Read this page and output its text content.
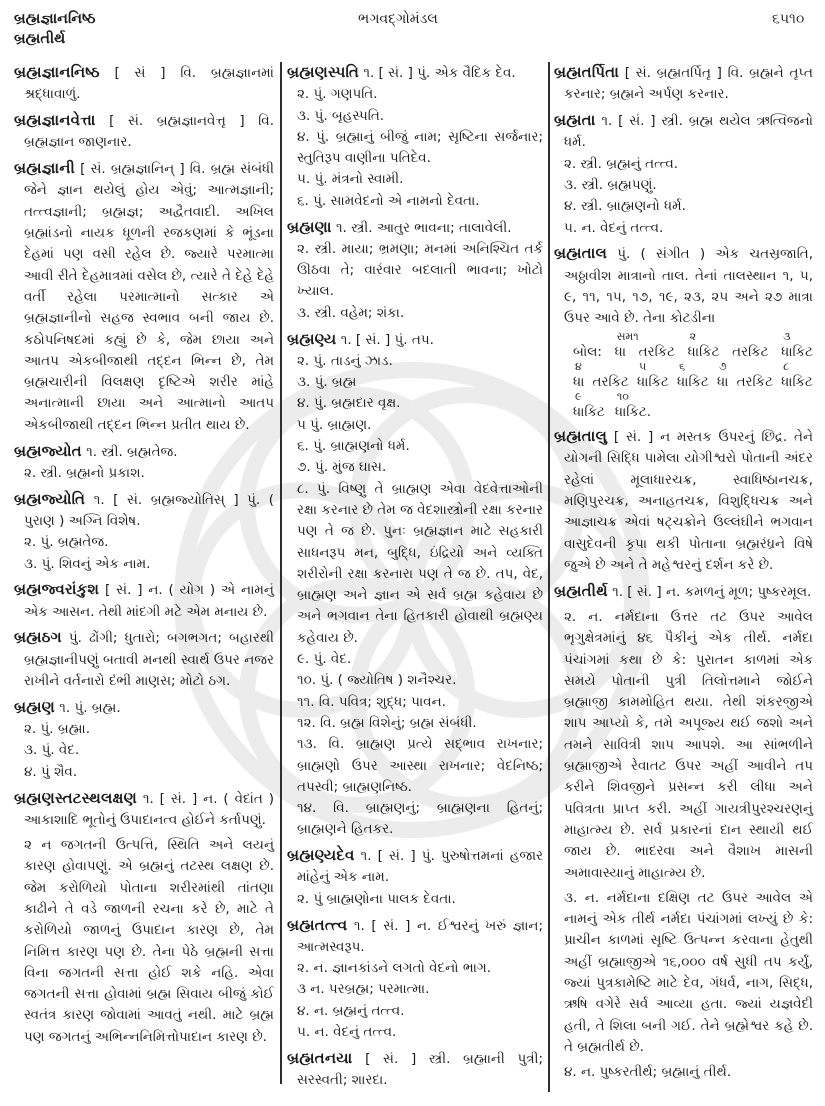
બ્રહ્મજ્ઞાનનિષ્ઠ
બ્રહ્મતીર્થ
ભગવદ્ગોમંડલ	૬૫૧૦

બ્રહ્મજ્ઞાનનિષ્ઠ [ સં ] વિ. બ્રહ્મજ્ઞાનમાં શ્રદ્ધાવાળું.

બ્રહ્મજ્ઞાનવેત્તા [ સં. બ્રહ્મજ્ઞાનવેત્તૃ ] વિ. બ્રહ્મજ્ઞાન જાણનાર.

બ્રહ્મજ્ઞાની [ સં. બ્રહ્મજ્ઞાનિન્ ] વિ. બ્રહ્મ સંબંધી જેને જ્ઞાન થયેલું હોય એવું; આત્મજ્ઞાની; તત્ત્વજ્ઞાની; બ્રહ્મજ્ઞ; અદ્વૈતવાદી. અખિલ બ્રહ્માંડનો નાયક ધૂળની રજકણમાં કે ભૂંડના દેહમાં પણ વસી રહેલ છે. જ્યારે પરમાત્મા આવી રીતે દેહમાત્રમાં વસેલ છે, ત્યારે તે દેહે દેહે વર્તી રહેલા પરમાત્માનો સત્કાર એ બ્રહ્મજ્ઞાનીનો સહજ સ્વભાવ બની જાય છે. કઠોપનિષદમાં કહ્યું છે કે, જેમ છાયા અને આતપ એકબીજાથી તદ્દન ભિન્ન છે, તેમ બ્રહ્મચારીની વિલક્ષણ દૃષ્ટિએ શરીર માંહે અનાત્માની છાયા અને આત્માનો આતપ એકબીજાથી તદ્દન ભિન્ન પ્રતીત થાય છે.

બ્રહ્મજ્યોત ૧. સ્ત્રી. બ્રહ્મતેજ.

૨. સ્ત્રી. બ્રહ્મનો પ્રકાશ.

બ્રહ્મજ્યોતિ ૧. [ સં. બ્રહ્મજ્યોતિસ્ ] પું. ( પુરાણ ) અગ્નિ વિશેષ.

૨. પું. બ્રહ્મતેજ.

૩. પું. શિવનું એક નામ.

બ્રહ્મજ્વરાંકુશ [ સં. ] ન. ( યોગ ) એ નામનું એક આસન. તેથી માંદગી મટે એમ મનાય છે.

બ્રહ્મઠગ પું. ઢોંગી; ધુતારો; બગભગત; બહારથી બ્રહ્મજ્ઞાનીપણું બતાવી મનથી સ્વાર્થ ઉપર નજર રાખીને વર્તનારો દંભી માણસ; મોટો ઠગ.

બ્રહ્મણ ૧. પું. બ્રહ્મ.

૨. પું. બ્રહ્મા.

૩. પું. વેદ.

૪. પું શૈવ.

બ્રહ્મણસ્તટસ્થલક્ષણ ૧. [ સં. ] ન. ( વેદાંત ) આકાશાદિ ભૂતોનું ઉપાદાનત્વ હોઈને કર્તાપણું.

૨ ન જગતની ઉત્પત્તિ, સ્થિતિ અને લયનું કારણ હોવાપણું. એ બ્રહ્મનું તટસ્થ લક્ષણ છે. જેમ કરોળિયો પોતાના શરીરમાંથી તાંતણા કાઢીને તે વડે જાળની રચના કરે છે, માટે તે કરોળિયો જાળનું ઉપાદાન કારણ છે, તેમ નિમિત્ત કારણ પણ છે. તેના પેઠે બ્રહ્મની સત્તા વિના જગતની સત્તા હોઈ શકે નહિ. એવા જગતની સત્તા હોવામાં બ્રહ્મ સિવાય બીજું કોઈ સ્વતંત્ર કારણ જોવામાં આવતું નથી. માટે બ્રહ્મ પણ જગતનું અભિન્નનિમિત્તોપાદાન કારણ છે.

બ્રહ્મણસ્પતિ ૧. [ સં. ] પું. એક વૈદિક દેવ.

૨. પું. ગણપતિ.

૩. પું. બૃહસ્પતિ.

૪. પું. બ્રહ્માનું બીજું નામ; સૃષ્ટિના સર્જનાર; સ્તુતિરૂપ વાણીના પતિદેવ.

૫. પું. મંત્રનો સ્વામી.

૬. પું. સામવેદનો એ નામનો દેવતા.

બ્રહ્મણા ૧. સ્ત્રી. આતુર ભાવના; તાલાવેલી.

૨. સ્ત્રી. માયા; ભ્રમણા; મનમાં અનિશ્ચિત તર્ક ઊઠવા તે; વારંવાર બદલાતી ભાવના; ખોટો ખ્યાલ.

૩. સ્ત્રી. વહેમ; શંકા.

બ્રહ્મણ્ય ૧. [ સં. ] પું. તપ.

૨. પું. તાડનું ઝાડ.

૩. પું. બ્રહ્મ

૪. પું. બ્રહ્મદાર વૃક્ષ.

૫ પું. બ્રાહ્મણ.

૬. પું. બ્રાહ્મણનો ધર્મ.

૭. પું. મુંજ ઘાસ.

૮. પું. વિષ્ણુ તે બ્રાહ્મણ એવા વેદવેત્તાઓની રક્ષા કરનાર છે તેમ જ વેદશાસ્ત્રોની રક્ષા કરનાર પણ તે જ છે. પુનઃ બ્રહ્મજ્ઞાન માટે સહકારી સાધનરૂપ મન, બુદ્ધિ, ઇંદ્રિયો અને વ્યક્તિ શરીરોની રક્ષા કરનારા પણ તે જ છે. તપ, વેદ, બ્રાહ્મણ અને જ્ઞાન એ સર્વ બ્રહ્મ કહેવાય છે અને ભગવાન તેના હિતકારી હોવાથી બ્રહ્મણ્ય કહેવાય છે.

૯. પું. વેદ.

૧૦. પું. ( જ્યોતિષ ) શનૈશ્ચર.

૧૧. વિ. પવિત્ર; શુદ્ધ; પાવન.

૧૨. વિ. બ્રહ્મ વિશેનું; બ્રહ્મ સંબંધી.

૧૩. વિ. બ્રાહ્મણ પ્રત્યે સદ્ભાવ રાખનાર; બ્રાહ્મણો ઉપર આસ્થા રાખનાર; વેદનિષ્ઠ; તપસ્વી; બ્રાહ્મણનિષ્ઠ.

૧૪. વિ. બ્રાહ્મણનું; બ્રાહ્મણના હિતનું; બ્રાહ્મણને હિતકર.

બ્રહ્મણ્યદેવ ૧. [ સં. ] પું. પુરુષોત્તમનાં હજાર માંહેનું એક નામ.

૨. પું બ્રાહ્મણોના પાલક દેવતા.

બ્રહ્મતત્ત્વ ૧. [ સં. ] ન. ઈશ્વરનું ખરું જ્ઞાન; આત્મસ્વરૂપ.

૨. ન. જ્ઞાનકાંડને લગતો વેદનો ભાગ.

૩ ન. પરબ્રહ્મ; પરમાત્મા.

૪. ન. બ્રહ્મનું તત્ત્વ.

૫. ન. વેદનું તત્ત્વ.

બ્રહ્મતનયા [ સં. ] સ્ત્રી. બ્રહ્માની પુત્રી; સરસ્વતી; શારદા.

બ્રહ્મતર્પિતા [ સં. બ્રહ્મતર્પિતૃ ] વિ. બ્રહ્મને તૃપ્ત કરનાર; બ્રહ્મને અર્પણ કરનાર.

બ્રહ્મતા ૧. [ સં. ] સ્ત્રી. બ્રહ્મ થયેલ ઋત્વિજનો ધર્મ.

૨. સ્ત્રી. બ્રહ્મનું તત્ત્વ.

૩. સ્ત્રી. બ્રહ્મપણું.

૪. સ્ત્રી. બ્રાહ્મણનો ધર્મ.

૫. ન. વેદનું તત્ત્વ.

બ્રહ્મતાલ પું. ( સંગીત ) એક ચતસ્રજાતિ, અઠ્ઠાવીશ માત્રાનો તાલ. તેનાં તાલસ્થાન ૧, ૫, ૯, ૧૧, ૧૫, ૧૭, ૧૯, ૨૩, ૨૫ અને ૨૭ માત્રા ઉપર આવે છે. તેના કોટડીના

બોલ:
સમ૧
ધા તરકિટ
૨
ધાકિટ તરકિટ
૩
ધાકિટ
૪
ધા તરકિટ
૫
ધાકિટ
૬
ધાકિટ
૭
ધા તરકિટ
૮
ધાકિટ
૯
ધાકિટ
૧૦
ધાકિટ.

બ્રહ્મતાલુ [ સં. ] ન મસ્તક ઉપરનું છિદ્ર. તેને યોગની સિદ્ધિ પામેલા યોગીશ્વરો પોતાની અંદર રહેલાં મૂલાધારચક્ર, સ્વાધિષ્ઠાનચક્ર, મણિપુરચક્ર, અનાહતચક્ર, વિશુદ્ધિચક્ર અને આજ્ઞાચક્ર એવાં ષટ્ચક્રોને ઉલ્લંઘીને ભગવાન વાસુદેવની કૃપા થકી પોતાના બ્રહ્મરંધ્રને વિષે જુએ છે અને તે મહેશ્વરનું દર્શન કરે છે.

બ્રહ્મતીર્થ ૧. [ સં. ] ન. કમળનું મૂળ; પુષ્કરમૂલ.

૨. ન. નર્મદાના ઉત્તર તટ ઉપર આવેલ ભૃગુક્ષેત્રમાંનું ૪૬ પૈકીનું એક તીર્થ. નર્મદા પંચાંગમાં કથા છે કે: પુરાતન કાળમાં એક સમયે પોતાની પુત્રી તિલોત્તમાને જોઈને બ્રહ્માજી કામમોહિત થયા. તેથી શંકરજીએ શાપ આપ્યો કે, તમે અપૂજ્ય થઈ જશો અને તમને સાવિત્રી શાપ આપશે. આ સાંભળીને બ્રહ્માજીએ રેવાતટ ઉપર અહીં આવીને તપ કરીને શિવજીને પ્રસન્ન કરી લીધા અને પવિત્રતા પ્રાપ્ત કરી. અહીં ગાયત્રીપુરશ્ચરણનું માહાત્મ્ય છે. સર્વ પ્રકારનાં દાન સ્થાયી થઈ જાય છે. ભાદરવા અને વૈશાખ માસની અમાવાસ્યાનું માહાત્મ્ય છે.

૩. ન. નર્મદાના દક્ષિણ તટ ઉપર આવેલ એ નામનું એક તીર્થ નર્મદા પંચાંગમાં લખ્યું છે કે: પ્રાચીન કાળમાં સૃષ્ટિ ઉત્પન્ન કરવાના હેતુથી અહીં બ્રહ્માજીએ ૧૬,૦૦૦ વર્ષ સુધી તપ કર્યું, જ્યાં પુત્રકામેષ્ટિ માટે દેવ, ગંધર્વ, નાગ, સિદ્ધ, ઋષિ વગેરે સર્વ આવ્યા હતા. જ્યાં યજ્ઞવેદી હતી, તે શિલા બની ગઈ. તેને બ્રહ્મેશ્વર કહે છે. તે બ્રહ્મતીર્થ છે.

૪. ન. પુષ્કરતીર્થ; બ્રહ્માનું તીર્થ.
